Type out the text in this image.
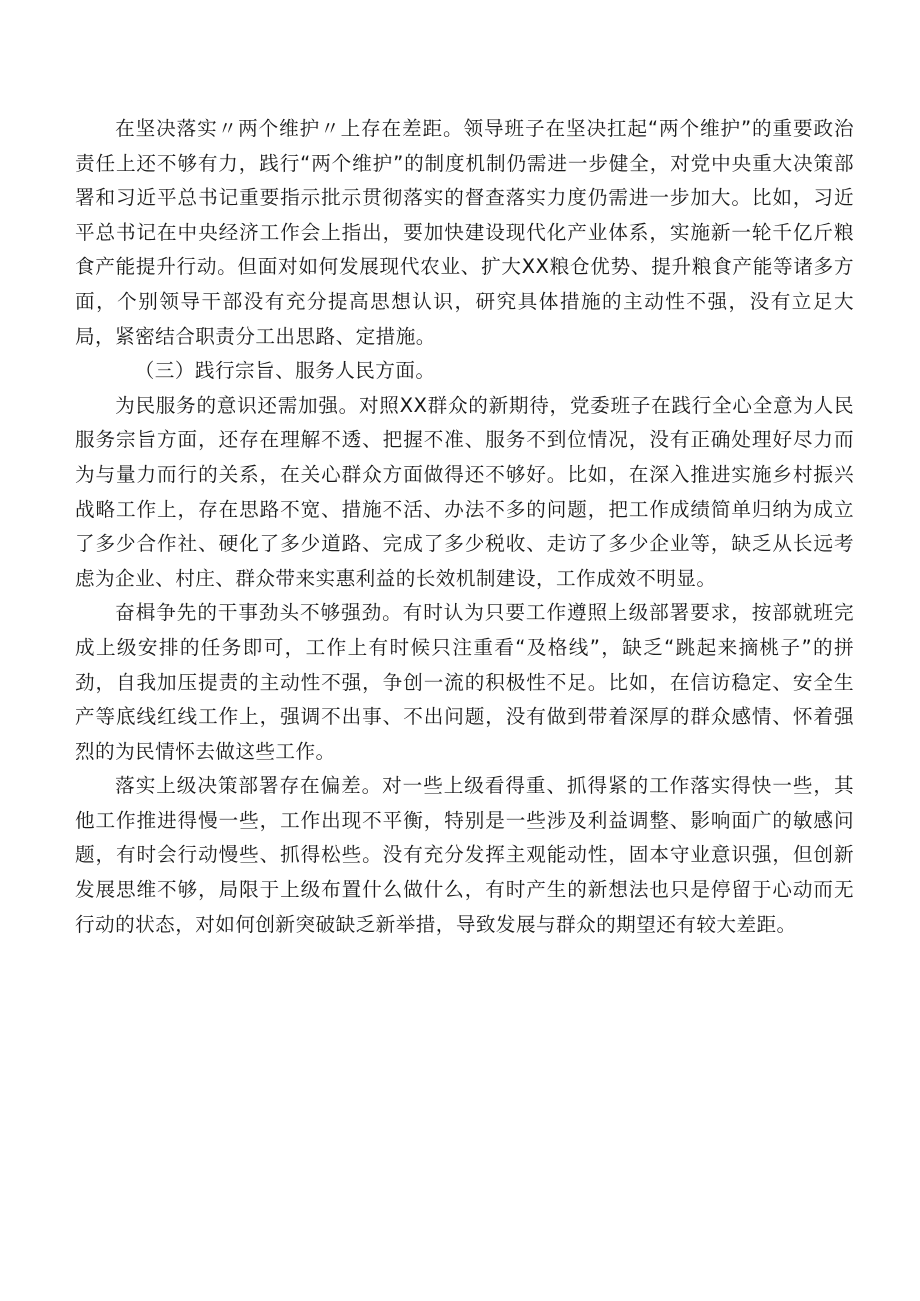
在坚决落实〃两个维护〃上存在差距。领导班子在坚决扛起“两个维护”的重要政治责任上还不够有力，践行“两个维护”的制度机制仍需进一步健全，对党中央重大决策部署和习近平总书记重要指示批示贯彻落实的督查落实力度仍需进一步加大。比如，习近平总书记在中央经济工作会上指出，要加快建设现代化产业体系，实施新一轮千亿斤粮食产能提升行动。但面对如何发展现代农业、扩大XX粮仓优势、提升粮食产能等诸多方面，个别领导干部没有充分提高思想认识，研究具体措施的主动性不强，没有立足大局，紧密结合职责分工出思路、定措施。

（三）践行宗旨、服务人民方面。

为民服务的意识还需加强。对照XX群众的新期待，党委班子在践行全心全意为人民服务宗旨方面，还存在理解不透、把握不准、服务不到位情况，没有正确处理好尽力而为与量力而行的关系，在关心群众方面做得还不够好。比如，在深入推进实施乡村振兴战略工作上，存在思路不宽、措施不活、办法不多的问题，把工作成绩简单归纳为成立了多少合作社、硬化了多少道路、完成了多少税收、走访了多少企业等，缺乏从长远考虑为企业、村庄、群众带来实惠利益的长效机制建设，工作成效不明显。

奋楫争先的干事劲头不够强劲。有时认为只要工作遵照上级部署要求，按部就班完成上级安排的任务即可，工作上有时候只注重看“及格线”，缺乏“跳起来摘桃子”的拼劲，自我加压提责的主动性不强，争创一流的积极性不足。比如，在信访稳定、安全生产等底线红线工作上，强调不出事、不出问题，没有做到带着深厚的群众感情、怀着强烈的为民情怀去做这些工作。

落实上级决策部署存在偏差。对一些上级看得重、抓得紧的工作落实得快一些，其他工作推进得慢一些，工作出现不平衡，特别是一些涉及利益调整、影响面广的敏感问题，有时会行动慢些、抓得松些。没有充分发挥主观能动性，固本守业意识强，但创新发展思维不够，局限于上级布置什么做什么，有时产生的新想法也只是停留于心动而无行动的状态，对如何创新突破缺乏新举措，导致发展与群众的期望还有较大差距。
